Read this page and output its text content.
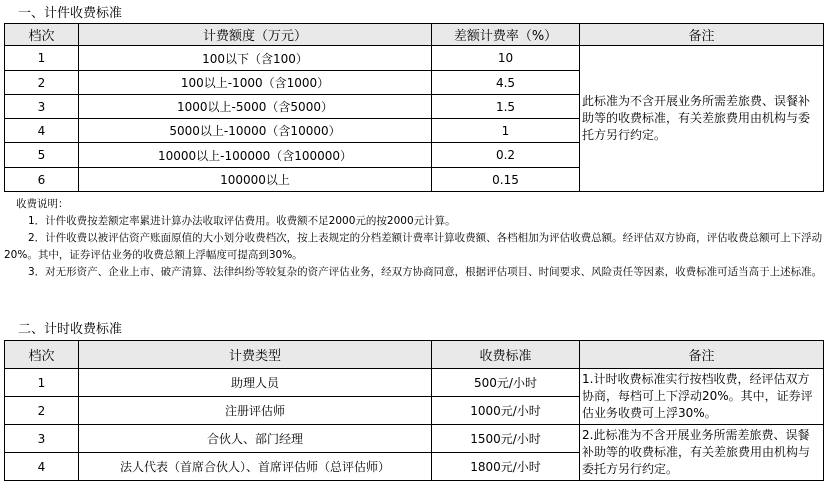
一、计件收费标准
档次	计费额度（万元）	差额计费率（%）	备注
1	100以下（含100）	10	此标准为不含开展业务所需差旅费、误餐补助等的收费标准，有关差旅费用由机构与委托方另行约定。
2	100以上-1000（含1000）	4.5	
3	1000以上-5000（含5000）	1.5	
4	5000以上-10000（含10000）	1	
5	10000以上-100000（含100000）	0.2	
6	100000以上	0.15	

收费说明：

1．计件收费按差额定率累进计算办法收取评估费用。收费额不足2000元的按2000元计算。

2．计件收费以被评估资产账面原值的大小划分收费档次，按上表规定的分档差额计费率计算收费额、各档相加为评估收费总额。经评估双方协商，评估收费总额可上下浮动20%。其中，证券评估业务的收费总额上浮幅度可提高到30%。

3．对无形资产、企业上市、破产清算、法律纠纷等较复杂的资产评估业务，经双方协商同意，根据评估项目、时间要求、风险责任等因素，收费标准可适当高于上述标准。

二、计时收费标准
档次	计费类型	收费标准	备注
1	助理人员	500元/小时	1.计时收费标准实行按档收费，经评估双方协商，每档可上下浮动20%。其中，证券评估业务收费可上浮30%。
2	注册评估师	1000元/小时	
3	合伙人、部门经理	1500元/小时	2.此标准为不含开展业务所需差旅费、误餐补助等的收费标准，有关差旅费用由机构与委托方另行约定。
4	法人代表（首席合伙人）、首席评估师（总评估师）	1800元/小时	
